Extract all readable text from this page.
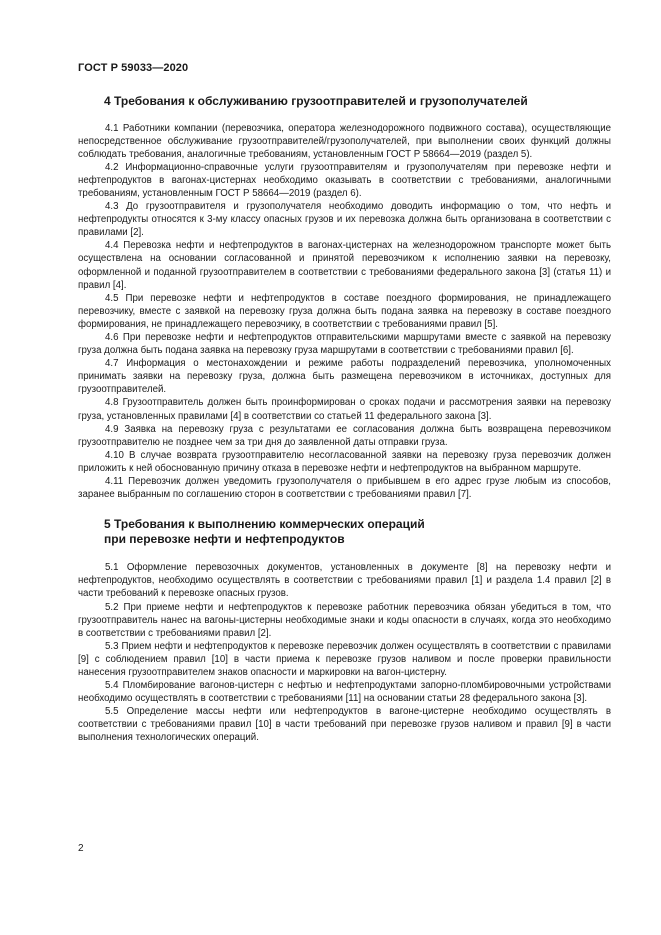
ГОСТ Р 59033—2020
4 Требования к обслуживанию грузоотправителей и грузополучателей

4.1 Работники компании (перевозчика, оператора железнодорожного подвижного состава), осуществляющие непосредственное обслуживание грузоотправителей/грузополучателей, при выполнении своих функций должны соблюдать требования, аналогичные требованиям, установленным ГОСТ Р 58664—2019 (раздел 5).

4.2 Информационно-справочные услуги грузоотправителям и грузополучателям при перевозке нефти и нефтепродуктов в вагонах-цистернах необходимо оказывать в соответствии с требованиями, аналогичными требованиям, установленным ГОСТ Р 58664—2019 (раздел 6).

4.3 До грузоотправителя и грузополучателя необходимо доводить информацию о том, что нефть и нефтепродукты относятся к 3-му классу опасных грузов и их перевозка должна быть организована в соответствии с правилами [2].

4.4 Перевозка нефти и нефтепродуктов в вагонах-цистернах на железнодорожном транспорте может быть осуществлена на основании согласованной и принятой перевозчиком к исполнению заявки на перевозку, оформленной и поданной грузоотправителем в соответствии с требованиями федерального закона [3] (статья 11) и правил [4].

4.5 При перевозке нефти и нефтепродуктов в составе поездного формирования, не принадлежащего перевозчику, вместе с заявкой на перевозку груза должна быть подана заявка на перевозку в составе поездного формирования, не принадлежащего перевозчику, в соответствии с требованиями правил [5].

4.6 При перевозке нефти и нефтепродуктов отправительскими маршрутами вместе с заявкой на перевозку груза должна быть подана заявка на перевозку груза маршрутами в соответствии с требованиями правил [6].

4.7 Информация о местонахождении и режиме работы подразделений перевозчика, уполномоченных принимать заявки на перевозку груза, должна быть размещена перевозчиком в источниках, доступных для грузоотправителей.

4.8 Грузоотправитель должен быть проинформирован о сроках подачи и рассмотрения заявки на перевозку груза, установленных правилами [4] в соответствии со статьей 11 федерального закона [3].

4.9 Заявка на перевозку груза с результатами ее согласования должна быть возвращена перевозчиком грузоотправителю не позднее чем за три дня до заявленной даты отправки груза.

4.10 В случае возврата грузоотправителю несогласованной заявки на перевозку груза перевозчик должен приложить к ней обоснованную причину отказа в перевозке нефти и нефтепродуктов на выбранном маршруте.

4.11 Перевозчик должен уведомить грузополучателя о прибывшем в его адрес грузе любым из способов, заранее выбранным по соглашению сторон в соответствии с требованиями правил [7].

5 Требования к выполнению коммерческих операций
при перевозке нефти и нефтепродуктов

5.1 Оформление перевозочных документов, установленных в документе [8] на перевозку нефти и нефтепродуктов, необходимо осуществлять в соответствии с требованиями правил [1] и раздела 1.4 правил [2] в части требований к перевозке опасных грузов.

5.2 При приеме нефти и нефтепродуктов к перевозке работник перевозчика обязан убедиться в том, что грузоотправитель нанес на вагоны-цистерны необходимые знаки и коды опасности в случаях, когда это необходимо в соответствии с требованиями правил [2].

5.3 Прием нефти и нефтепродуктов к перевозке перевозчик должен осуществлять в соответствии с правилами [9] с соблюдением правил [10] в части приема к перевозке грузов наливом и после проверки правильности нанесения грузоотправителем знаков опасности и маркировки на вагон-цистерну.

5.4 Пломбирование вагонов-цистерн с нефтью и нефтепродуктами запорно-пломбировочными устройствами необходимо осуществлять в соответствии с требованиями [11] на основании статьи 28 федерального закона [3].

5.5 Определение массы нефти или нефтепродуктов в вагоне-цистерне необходимо осуществлять в соответствии с требованиями правил [10] в части требований при перевозке грузов наливом и правил [9] в части выполнения технологических операций.

2
